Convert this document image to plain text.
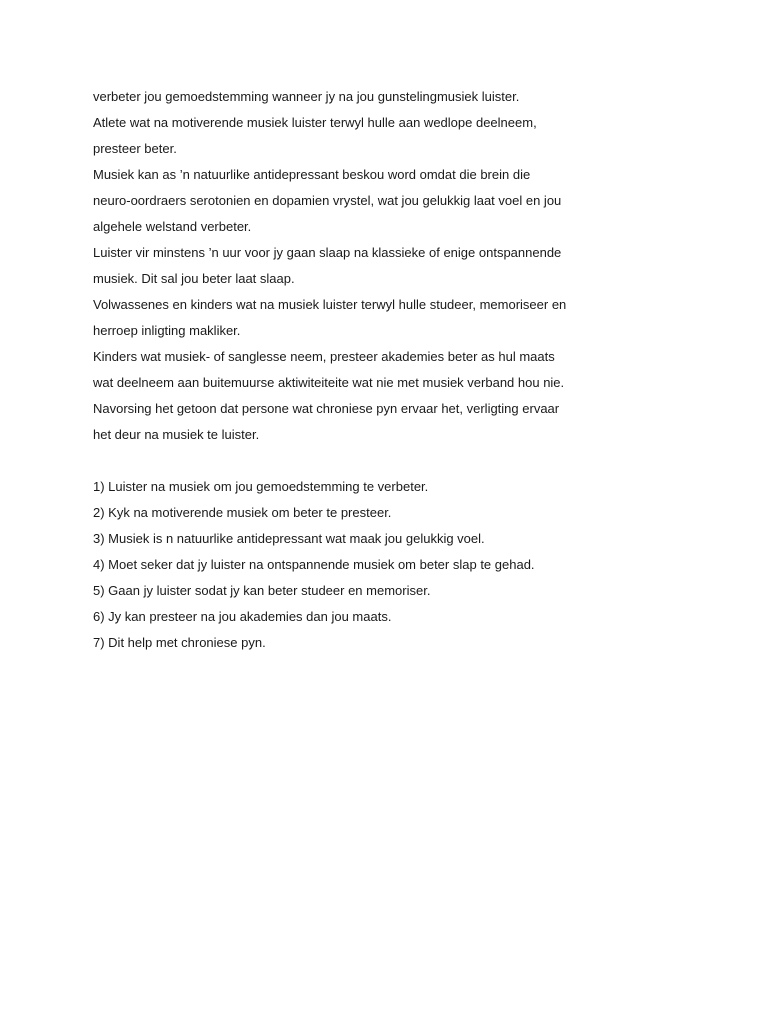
verbeter jou gemoedstemming wanneer jy na jou gunstelingmusiek luister.
Atlete wat na motiverende musiek luister terwyl hulle aan wedlope deelneem,
presteer beter.
Musiek kan as ’n natuurlike antidepressant beskou word omdat die brein die
neuro-oordraers serotonien en dopamien vrystel, wat jou gelukkig laat voel en jou
algehele welstand verbeter.
Luister vir minstens ’n uur voor jy gaan slaap na klassieke of enige ontspannende
musiek. Dit sal jou beter laat slaap.
Volwassenes en kinders wat na musiek luister terwyl hulle studeer, memoriseer en
herroep inligting makliker.
Kinders wat musiek- of sanglesse neem, presteer akademies beter as hul maats
wat deelneem aan buitemuurse aktiwiteiteite wat nie met musiek verband hou nie.
Navorsing het getoon dat persone wat chroniese pyn ervaar het, verligting ervaar
het deur na musiek te luister.
1) Luister na musiek om jou gemoedstemming te verbeter.
2) Kyk na motiverende musiek om beter te presteer.
3) Musiek is n natuurlike antidepressant wat maak jou gelukkig voel.
4) Moet seker dat jy luister na ontspannende musiek om beter slap te gehad.
5) Gaan jy luister sodat jy kan beter studeer en memoriser.
6) Jy kan presteer na jou akademies dan jou maats.
7) Dit help met chroniese pyn.
